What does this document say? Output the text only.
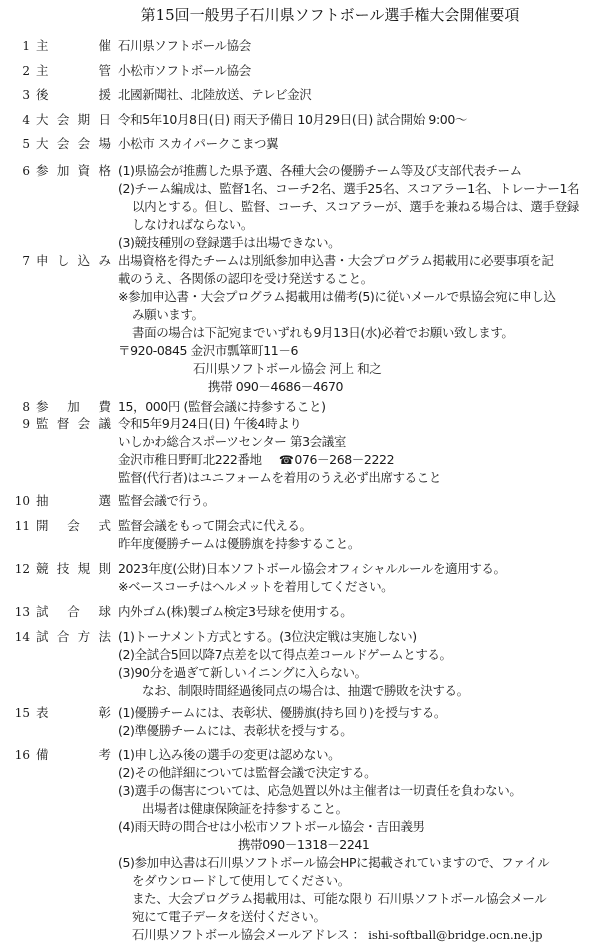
第15回一般男子石川県ソフトボール選手権大会開催要項
1 主	催 石川県ソフトボール協会
2 主	管 小松市ソフトボール協会
3 後	援 北國新聞社、北陸放送、テレビ金沢
4 大 会 期 日 令和5年10月8日(日) 雨天予備日 10月29日(日) 試合開始 9:00～
5 大 会 会 場 小松市 スカイパークこまつ翼
6 参 加 資 格 (1)県協会が推薦した県予選、各種大会の優勝チーム等及び支部代表チーム
(2)チーム編成は、監督1名、コーチ2名、選手25名、スコアラー1名、トレーナー1名
以内とする。但し、監督、コーチ、スコアラーが、選手を兼ねる場合は、選手登録
しなければならない。
(3)競技種別の登録選手は出場できない。
7 申 し 込 み 出場資格を得たチームは別紙参加申込書・大会プログラム掲載用に必要事項を記
載のうえ、各関係の認印を受け発送すること。
※参加申込書・大会プログラム掲載用は備考(5)に従いメールで県協会宛に申し込
み願います。
書面の場合は下記宛までいずれも9月13日(水)必着でお願い致します。
〒920-0845 金沢市瓢箪町11－6
石川県ソフトボール協会 河上 和之
携帯 090－4686－4670
8 参 加 費 15，000円 (監督会議に持参すること)
9 監 督 会 議 令和5年9月24日(日) 午後4時より
いしかわ総合スポーツセンター 第3会議室
金沢市稚日野町北222番地 ☎076－268－2222
監督(代行者)はユニフォームを着用のうえ必ず出席すること
10 抽	選 監督会議で行う。
11 開 会 式 監督会議をもって開会式に代える。
昨年度優勝チームは優勝旗を持参すること。
12 競 技 規 則 2023年度(公財)日本ソフトボール協会オフィシャルルールを適用する。
※ベースコーチはヘルメットを着用してください。
13 試 合 球 内外ゴム(株)製ゴム検定3号球を使用する。
14 試 合 方 法 (1)トーナメント方式とする。(3位決定戦は実施しない)
(2)全試合5回以降7点差を以て得点差コールドゲームとする。
(3)90分を過ぎて新しいイニングに入らない。
なお、制限時間経過後同点の場合は、抽選で勝敗を決する。
15 表	彰 (1)優勝チームには、表彰状、優勝旗(持ち回り)を授与する。
(2)準優勝チームには、表彰状を授与する。
16 備	考 (1)申し込み後の選手の変更は認めない。
(2)その他詳細については監督会議で決定する。
(3)選手の傷害については、応急処置以外は主催者は一切責任を負わない。
出場者は健康保険証を持参すること。
(4)雨天時の問合せは小松市ソフトボール協会・吉田義男
携帯090－1318－2241
(5)参加申込書は石川県ソフトボール協会HPに掲載されていますので、ファイル
をダウンロードして使用してください。
また、大会プログラム掲載用は、可能な限り 石川県ソフトボール協会メール
宛にて電子データを送付ください。
石川県ソフトボール協会メールアドレス ： ishi-softball@bridge.ocn.ne.jp
